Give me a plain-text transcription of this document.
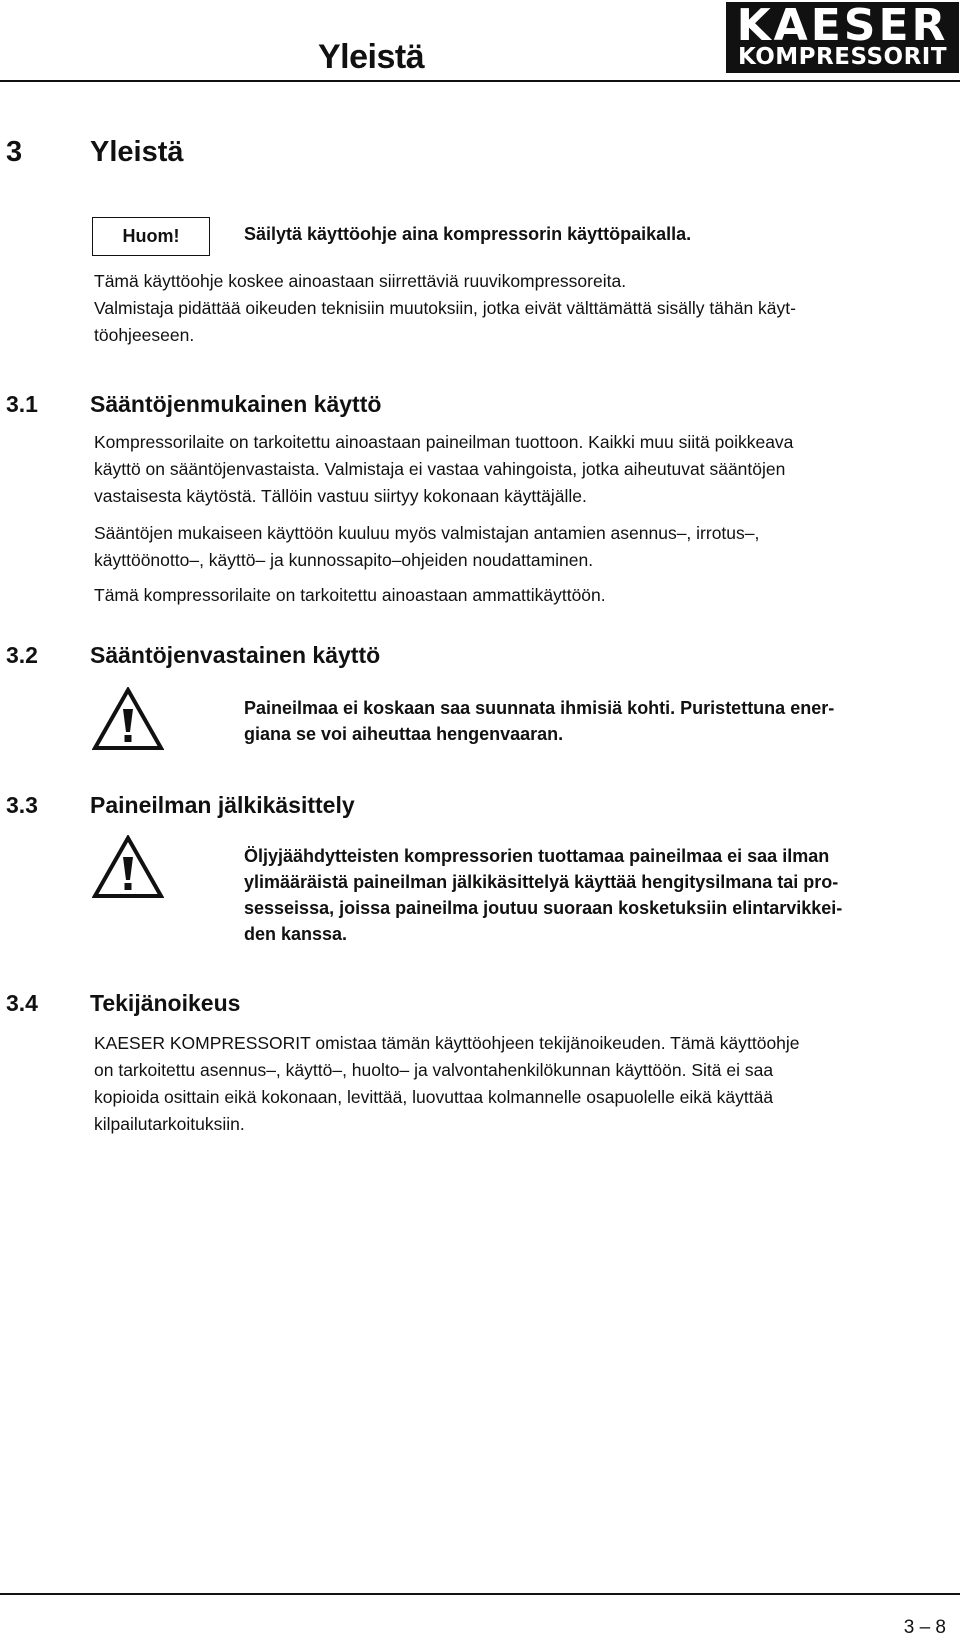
Yleistä
KAESER
KOMPRESSORIT
3 Yleistä
Huom!	Säilytä käyttöohje aina kompressorin käyttöpaikalla.
Tämä käyttöohje koskee ainoastaan siirrettäviä ruuvikompressoreita.
Valmistaja pidättää oikeuden teknisiin muutoksiin, jotka eivät välttämättä sisälly tähän käyt-
töohjeeseen.
3.1 Sääntöjenmukainen käyttö
Kompressorilaite on tarkoitettu ainoastaan paineilman tuottoon. Kaikki muu siitä poikkeava
käyttö on sääntöjenvastaista. Valmistaja ei vastaa vahingoista, jotka aiheutuvat sääntöjen
vastaisesta käytöstä. Tällöin vastuu siirtyy kokonaan käyttäjälle.
Sääntöjen mukaiseen käyttöön kuuluu myös valmistajan antamien asennus–, irrotus–,
käyttöönotto–, käyttö– ja kunnossapito–ohjeiden noudattaminen.
Tämä kompressorilaite on tarkoitettu ainoastaan ammattikäyttöön.
3.2 Sääntöjenvastainen käyttö
Paineilmaa ei koskaan saa suunnata ihmisiä kohti. Puristettuna ener-
giana se voi aiheuttaa hengenvaaran.
3.3 Paineilman jälkikäsittely
Öljyjäähdytteisten kompressorien tuottamaa paineilmaa ei saa ilman
ylimääräistä paineilman jälkikäsittelyä käyttää hengitysilmana tai pro-
sesseissa, joissa paineilma joutuu suoraan kosketuksiin elintarvikkei-
den kanssa.
3.4 Tekijänoikeus
KAESER KOMPRESSORIT omistaa tämän käyttöohjeen tekijänoikeuden. Tämä käyttöohje
on tarkoitettu asennus–, käyttö–, huolto– ja valvontahenkilökunnan käyttöön. Sitä ei saa
kopioida osittain eikä kokonaan, levittää, luovuttaa kolmannelle osapuolelle eikä käyttää
kilpailutarkoituksiin.
3 – 8
